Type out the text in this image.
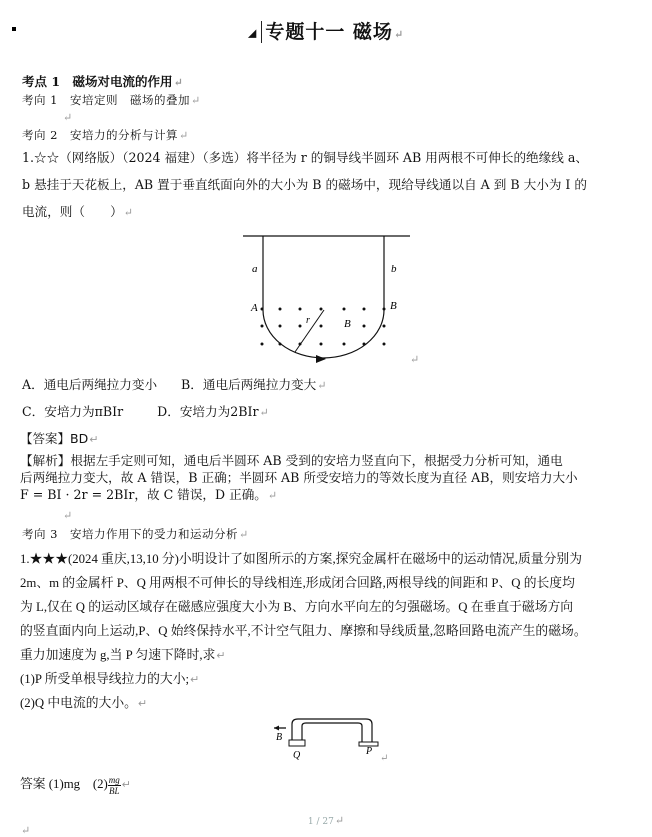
◢ 专题十一 磁场↵
考点 1　磁场对电流的作用↵
考向 1　安培定则　磁场的叠加↵
↵
考向 2　安培力的分析与计算↵
1.☆☆（网络版）（2024 福建）（多选）将半径为 r 的铜导线半圆环 AB 用两根不可伸长的绝缘线 a、
b 悬挂于天花板上，AB 置于垂直纸面向外的大小为 B 的磁场中，现给导线通以自 A 到 B 大小为 I 的
电流，则（　　）↵
a	b
A	B
r	B
↵
A．通电后两绳拉力变小 B．通电后两绳拉力变大↵
C．安培力为πBIr	D．安培力为2BIr↵
【答案】BD↵
【解析】根据左手定则可知，通电后半圆环 AB 受到的安培力竖直向下，根据受力分析可知，通电
后两绳拉力变大，故 A 错误，B 正确；半圆环 AB 所受安培力的等效长度为直径 AB，则安培力大小
F = BI · 2r = 2BIr，故 C 错误，D 正确。↵
↵
考向 3　安培力作用下的受力和运动分析↵
1.★★★(2024 重庆,13,10 分)小明设计了如图所示的方案,探究金属杆在磁场中的运动情况,质量分别为
2m、m 的金属杆 P、Q 用两根不可伸长的导线相连,形成闭合回路,两根导线的间距和 P、Q 的长度均
为 L,仅在 Q 的运动区域存在磁感应强度大小为 B、方向水平向左的匀强磁场。Q 在垂直于磁场方向
的竖直面内向上运动,P、Q 始终保持水平,不计空气阻力、摩擦和导线质量,忽略回路电流产生的磁场。
重力加速度为 g,当 P 匀速下降时,求↵
(1)P 所受单根导线拉力的大小;↵
(2)Q 中电流的大小。↵
B
Q	P
↵
答案 (1)mg　$(2) \frac{mg}{BL}$ ↵
1 / 27↵
↵
